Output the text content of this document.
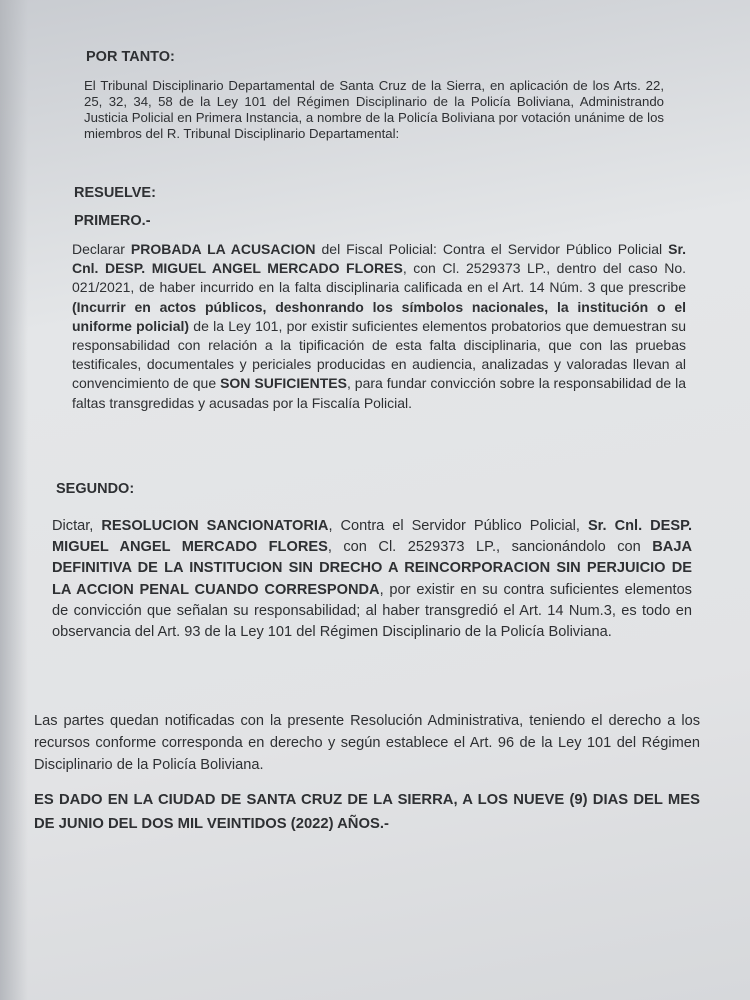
POR TANTO:

El Tribunal Disciplinario Departamental de Santa Cruz de la Sierra, en aplicación de los Arts. 22, 25, 32, 34, 58 de la Ley 101 del Régimen Disciplinario de la Policía Boliviana, Administrando Justicia Policial en Primera Instancia, a nombre de la Policía Boliviana por votación unánime de los miembros del R. Tribunal Disciplinario Departamental:

RESUELVE:

PRIMERO.-

Declarar PROBADA LA ACUSACION del Fiscal Policial: Contra el Servidor Público Policial Sr. Cnl. DESP. MIGUEL ANGEL MERCADO FLORES, con Cl. 2529373 LP., dentro del caso No. 021/2021, de haber incurrido en la falta disciplinaria calificada en el Art. 14 Núm. 3 que prescribe (Incurrir en actos públicos, deshonrando los símbolos nacionales, la institución o el uniforme policial) de la Ley 101, por existir suficientes elementos probatorios que demuestran su responsabilidad con relación a la tipificación de esta falta disciplinaria, que con las pruebas testificales, documentales y periciales producidas en audiencia, analizadas y valoradas llevan al convencimiento de que SON SUFICIENTES, para fundar convicción sobre la responsabilidad de la faltas transgredidas y acusadas por la Fiscalía Policial.

SEGUNDO:

Dictar, RESOLUCION SANCIONATORIA, Contra el Servidor Público Policial, Sr. Cnl. DESP. MIGUEL ANGEL MERCADO FLORES, con Cl. 2529373 LP., sancionándolo con BAJA DEFINITIVA DE LA INSTITUCION SIN DRECHO A REINCORPORACION SIN PERJUICIO DE LA ACCION PENAL CUANDO CORRESPONDA, por existir en su contra suficientes elementos de convicción que señalan su responsabilidad; al haber transgredió el Art. 14 Num.3, es todo en observancia del Art. 93 de la Ley 101 del Régimen Disciplinario de la Policía Boliviana.

Las partes quedan notificadas con la presente Resolución Administrativa, teniendo el derecho a los recursos conforme corresponda en derecho y según establece el Art. 96 de la Ley 101 del Régimen Disciplinario de la Policía Boliviana.

ES DADO EN LA CIUDAD DE SANTA CRUZ DE LA SIERRA, A LOS NUEVE (9) DIAS DEL MES DE JUNIO DEL DOS MIL VEINTIDOS (2022) AÑOS.-
